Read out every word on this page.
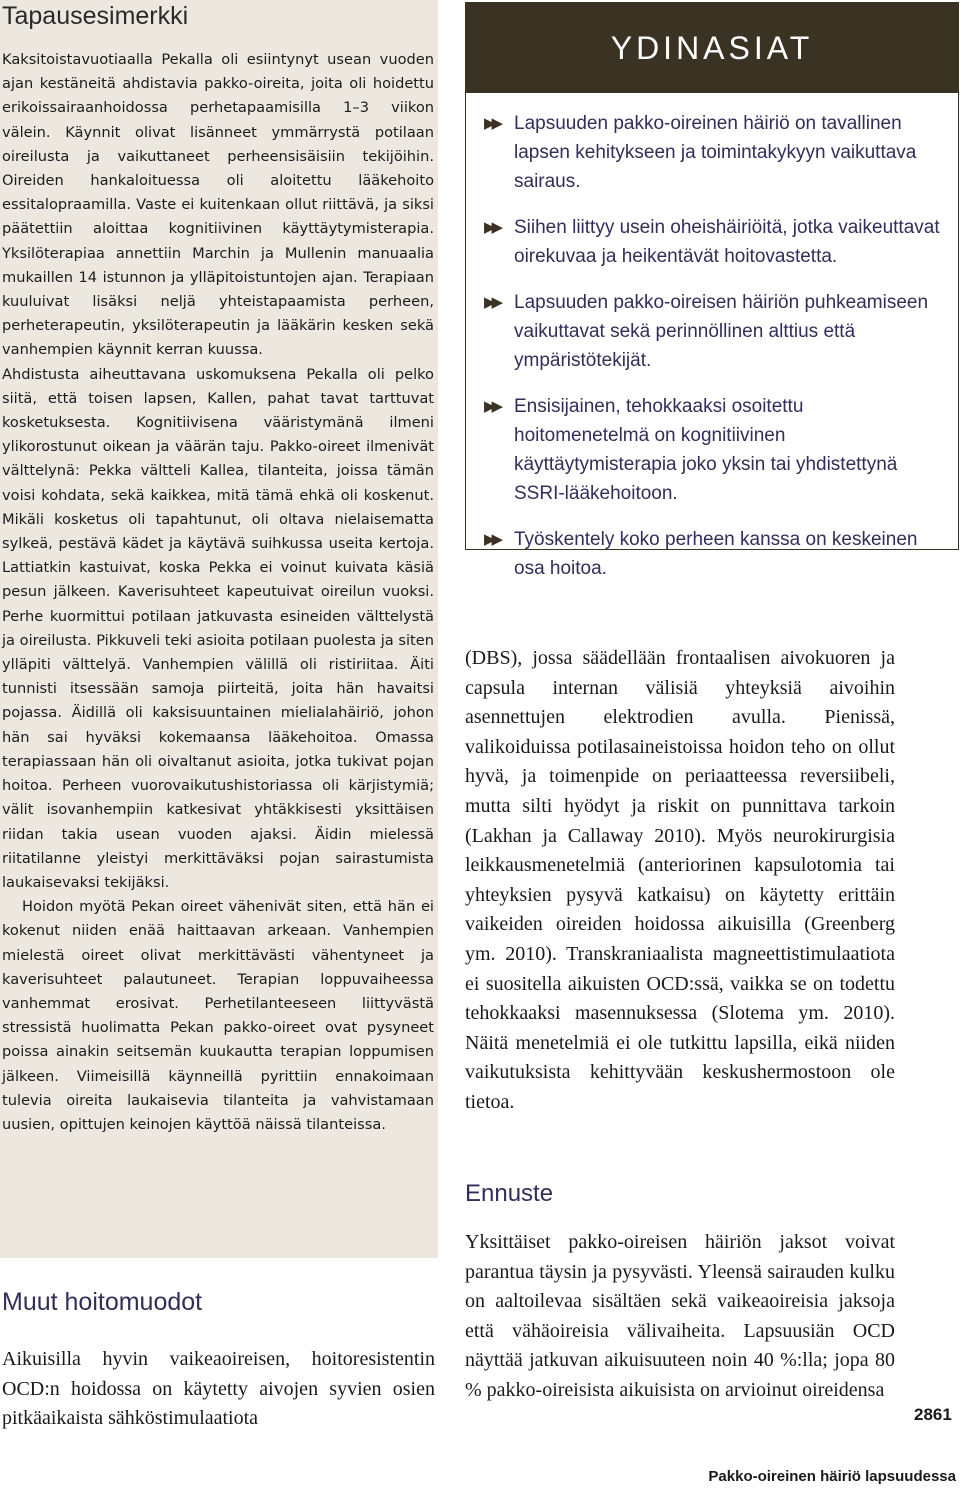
Tapausesimerkki

Kaksitoistavuotiaalla Pekalla oli esiintynyt usean vuoden ajan kestäneitä ahdistavia pakko-oireita, joita oli hoidettu erikoissairaanhoidossa perhetapaamisilla 1–3 viikon välein. Käynnit olivat lisänneet ymmärrystä potilaan oireilusta ja vaikuttaneet perheensisäisiin tekijöihin. Oireiden hankaloituessa oli aloitettu lääkehoito essitalopraamilla. Vaste ei kuitenkaan ollut riittävä, ja siksi päätettiin aloittaa kognitiivinen käyttäytymisterapia. Yksilöterapiaa annettiin Marchin ja Mullenin manuaalia mukaillen 14 istunnon ja ylläpitoistuntojen ajan. Terapiaan kuuluivat lisäksi neljä yhteistapaamista perheen, perheterapeutin, yksilöterapeutin ja lääkärin kesken sekä vanhempien käynnit kerran kuussa.

Ahdistusta aiheuttavana uskomuksena Pekalla oli pelko siitä, että toisen lapsen, Kallen, pahat tavat tarttuvat kosketuksesta. Kognitiivisena vääristymänä ilmeni ylikorostunut oikean ja väärän taju. Pakko-oireet ilmenivät välttelynä: Pekka vältteli Kallea, tilanteita, joissa tämän voisi kohdata, sekä kaikkea, mitä tämä ehkä oli koskenut. Mikäli kosketus oli tapahtunut, oli oltava nielaisematta sylkeä, pestävä kädet ja käytävä suihkussa useita kertoja. Lattiatkin kastuivat, koska Pekka ei voinut kuivata käsiä pesun jälkeen. Kaverisuhteet kapeutuivat oireilun vuoksi. Perhe kuormittui potilaan jatkuvasta esineiden välttelystä ja oireilusta. Pikkuveli teki asioita potilaan puolesta ja siten ylläpiti välttelyä. Vanhempien välillä oli ristiriitaa. Äiti tunnisti itsessään samoja piirteitä, joita hän havaitsi pojassa. Äidillä oli kaksisuuntainen mielialahäiriö, johon hän sai hyväksi kokemaansa lääkehoitoa. Omassa terapiassaan hän oli oivaltanut asioita, jotka tukivat pojan hoitoa. Perheen vuorovaikutushistoriassa oli kärjistymiä; välit isovanhempiin katkesivat yhtäkkisesti yksittäisen riidan takia usean vuoden ajaksi. Äidin mielessä riitatilanne yleistyi merkittäväksi pojan sairastumista laukaisevaksi tekijäksi.

Hoidon myötä Pekan oireet vähenivät siten, että hän ei kokenut niiden enää haittaavan arkeaan. Vanhempien mielestä oireet olivat merkittävästi vähentyneet ja kaverisuhteet palautuneet. Terapian loppuvaiheessa vanhemmat erosivat. Perhetilanteeseen liittyvästä stressistä huolimatta Pekan pakko-oireet ovat pysyneet poissa ainakin seitsemän kuukautta terapian loppumisen jälkeen. Viimeisillä käynneillä pyrittiin ennakoimaan tulevia oireita laukaisevia tilanteita ja vahvistamaan uusien, opittujen keinojen käyttöä näissä tilanteissa.

Muut hoitomuodot

Aikuisilla hyvin vaikeaoireisen, hoitoresistentin OCD:n hoidossa on käytetty aivojen syvien osien pitkäaikaista sähköstimulaatiota

YDINASIAT
▶▶ Lapsuuden pakko-oireinen häiriö on tavallinen lapsen kehitykseen ja toimintakykyyn vaikuttava sairaus.
▶▶ Siihen liittyy usein oheishäiriöitä, jotka vaikeuttavat oirekuvaa ja heikentävät hoitovastetta.
▶▶ Lapsuuden pakko-oireisen häiriön puhkeamiseen vaikuttavat sekä perinnöllinen alttius että ympäristötekijät.
▶▶ Ensisijainen, tehokkaaksi osoitettu hoitomenetelmä on kognitiivinen käyttäytymisterapia joko yksin tai yhdistettynä SSRI-lääkehoitoon.
▶▶ Työskentely koko perheen kanssa on keskeinen osa hoitoa.

(DBS), jossa säädellään frontaalisen aivokuoren ja capsula internan välisiä yhteyksiä aivoihin asennettujen elektrodien avulla. Pienissä, valikoiduissa potilasaineistoissa hoidon teho on ollut hyvä, ja toimenpide on periaatteessa reversiibeli, mutta silti hyödyt ja riskit on punnittava tarkoin (Lakhan ja Callaway 2010). Myös neurokirurgisia leikkausmenetelmiä (anteriorinen kapsulotomia tai yhteyksien pysyvä katkaisu) on käytetty erittäin vaikeiden oireiden hoidossa aikuisilla (Greenberg ym. 2010). Transkraniaalista magneettistimulaatiota ei suositella aikuisten OCD:ssä, vaikka se on todettu tehokkaaksi masennuksessa (Slotema ym. 2010). Näitä menetelmiä ei ole tutkittu lapsilla, eikä niiden vaikutuksista kehittyvään keskushermostoon ole tietoa.

Ennuste

Yksittäiset pakko-oireisen häiriön jaksot voivat parantua täysin ja pysyvästi. Yleensä sairauden kulku on aaltoilevaa sisältäen sekä vaikeaoireisia jaksoja että vähäoireisia välivaiheita. Lapsuusiän OCD näyttää jatkuvan aikuisuuteen noin 40 %:lla; jopa 80 % pakko-oireisista aikuisista on arvioinut oireidensa

2861
Pakko-oireinen häiriö lapsuudessa
